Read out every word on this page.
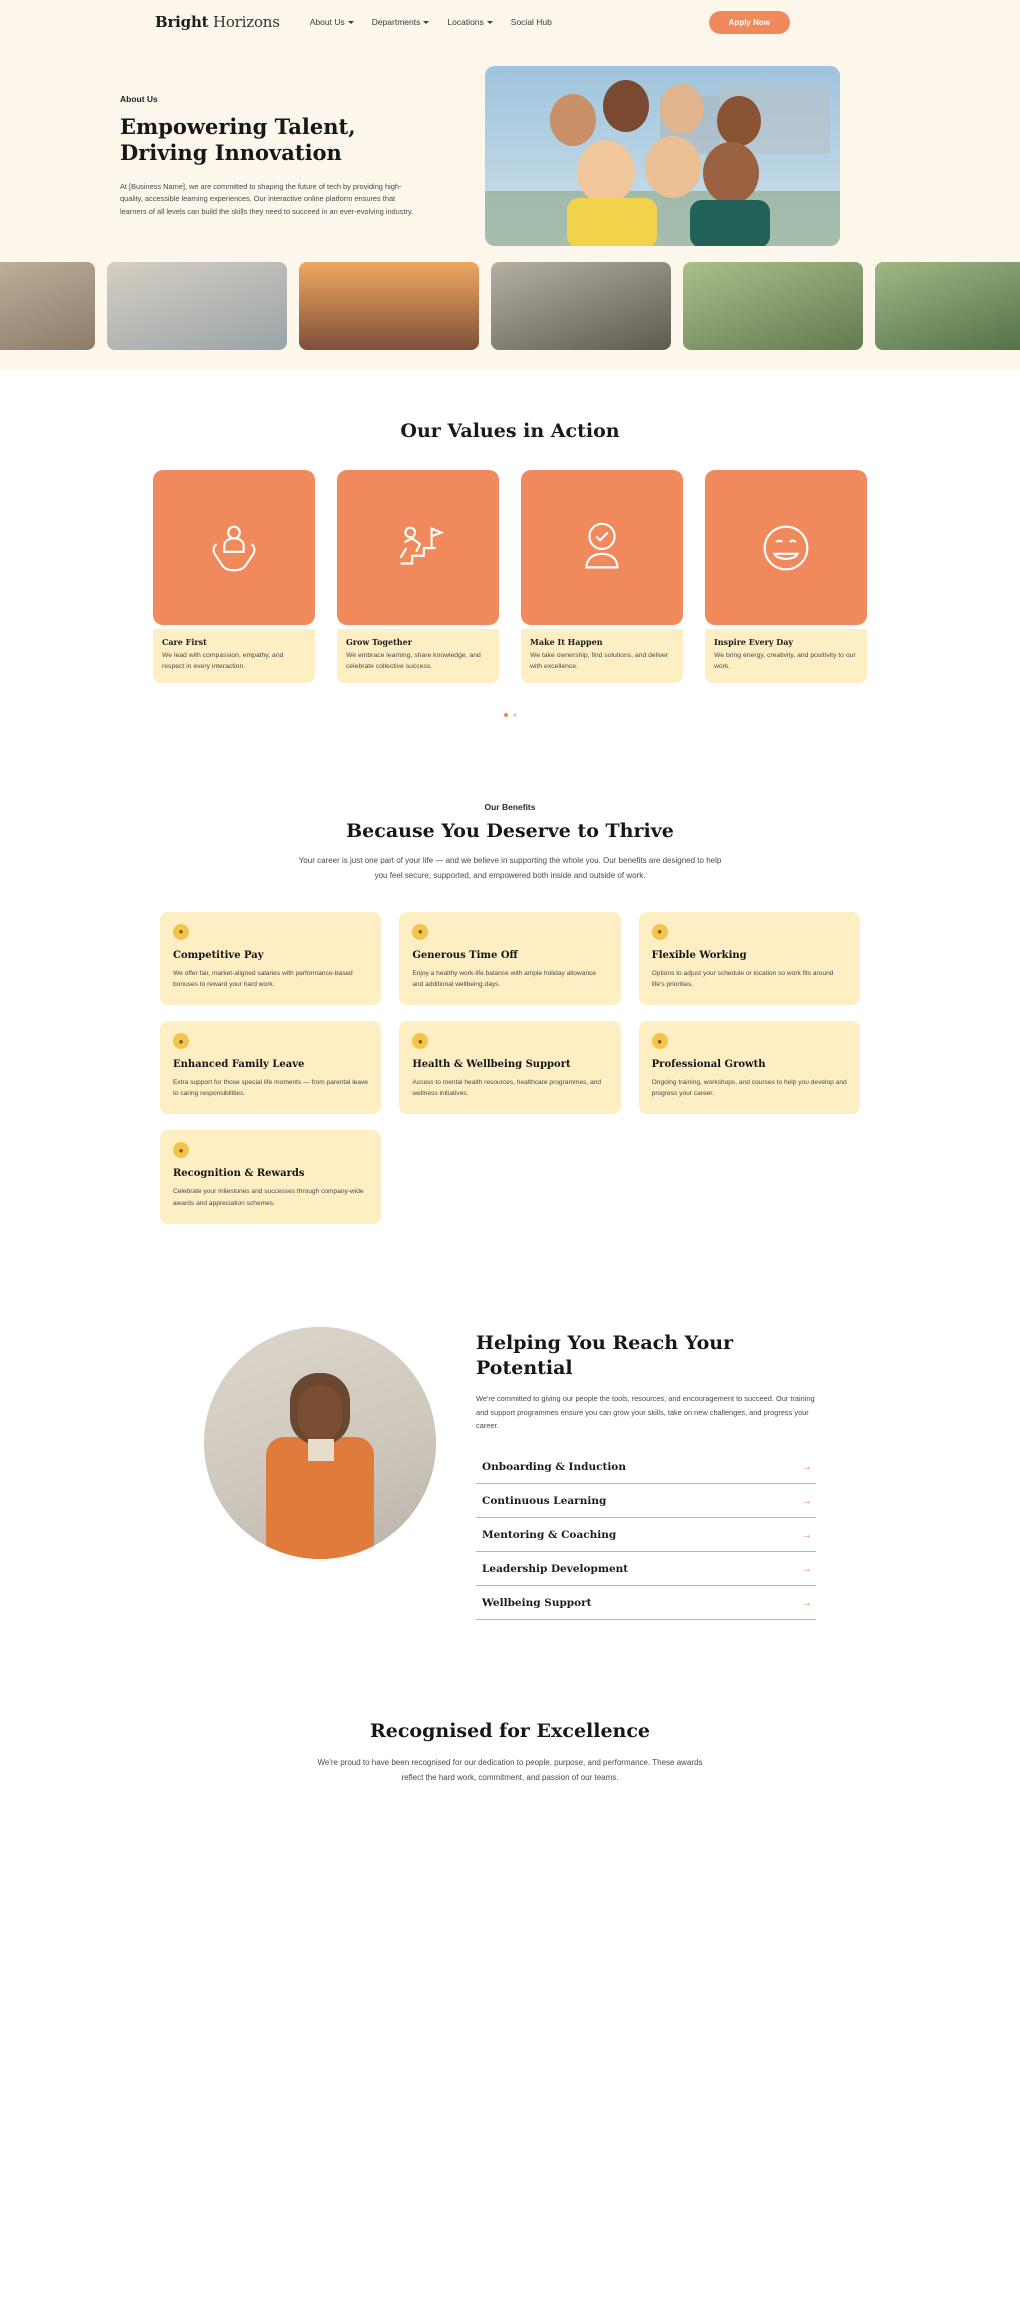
Bright Horizons	About Us	Departments	Locations	Social Hub	Apply Now
About Us
Empowering Talent, Driving Innovation

At [Business Name], we are committed to shaping the future of tech by providing high-quality, accessible learning experiences. Our interactive online platform ensures that learners of all levels can build the skills they need to succeed in an ever-evolving industry.

Our Values in Action
Care First
We lead with compassion, empathy, and respect in every interaction.
Grow Together
We embrace learning, share knowledge, and celebrate collective success.
Make It Happen
We take ownership, find solutions, and deliver with excellence.
Inspire Every Day
We bring energy, creativity, and positivity to our work.
Our Benefits
Because You Deserve to Thrive

Your career is just one part of your life — and we believe in supporting the whole you. Our benefits are designed to help you feel secure, supported, and empowered both inside and outside of work.

●
Competitive Pay
We offer fair, market-aligned salaries with performance-based bonuses to reward your hard work.
●
Generous Time Off
Enjoy a healthy work-life balance with ample holiday allowance and additional wellbeing days.
●
Flexible Working
Options to adjust your schedule or location so work fits around life's priorities.
●
Enhanced Family Leave
Extra support for those special life moments — from parental leave to caring responsibilities.
●
Health & Wellbeing Support
Access to mental health resources, healthcare programmes, and wellness initiatives.
●
Professional Growth
Ongoing training, workshops, and courses to help you develop and progress your career.
●
Recognition & Rewards
Celebrate your milestones and successes through company-wide awards and appreciation schemes.
Helping You Reach Your Potential

We're committed to giving our people the tools, resources, and encouragement to succeed. Our training and support programmes ensure you can grow your skills, take on new challenges, and progress your career.

Onboarding & Induction	→
Continuous Learning	→
Mentoring & Coaching	→
Leadership Development	→
Wellbeing Support	→
Recognised for Excellence

We're proud to have been recognised for our dedication to people, purpose, and performance. These awards reflect the hard work, commitment, and passion of our teams.
